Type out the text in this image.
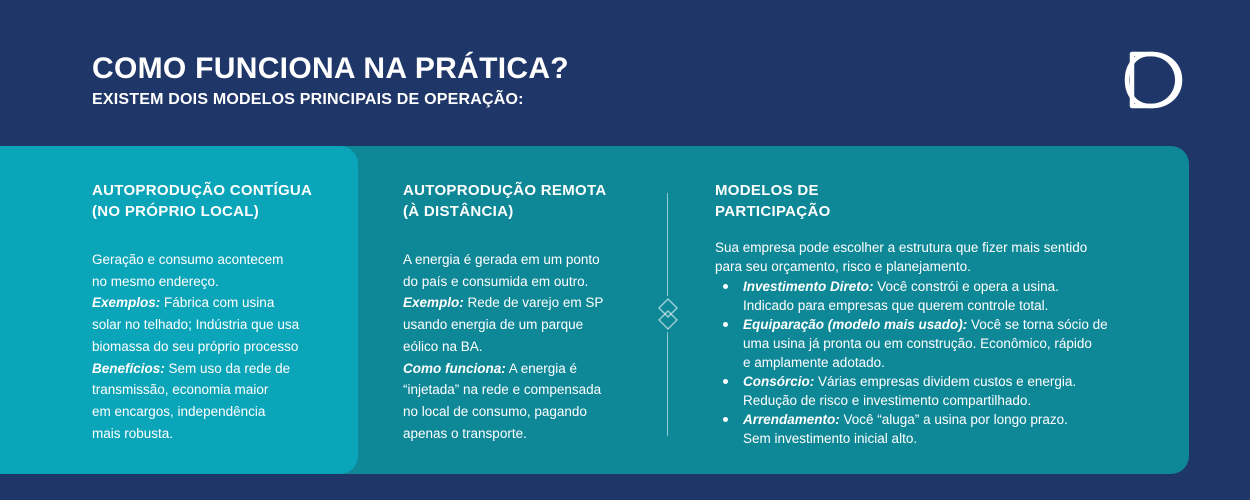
COMO FUNCIONA NA PRÁTICA?

EXISTEM DOIS MODELOS PRINCIPAIS DE OPERAÇÃO:

AUTOPRODUÇÃO CONTÍGUA
(NO PRÓPRIO LOCAL)
Geração e consumo acontecem
no mesmo endereço.
Exemplos: Fábrica com usina
solar no telhado; Indústria que usa
biomassa do seu próprio processo
Benefícios: Sem uso da rede de
transmissão, economia maior
em encargos, independência
mais robusta.
AUTOPRODUÇÃO REMOTA
(À DISTÂNCIA)
A energia é gerada em um ponto
do país e consumida em outro.
Exemplo: Rede de varejo em SP
usando energia de um parque
eólico na BA.
Como funciona: A energia é
“injetada” na rede e compensada
no local de consumo, pagando
apenas o transporte.
MODELOS DE
PARTICIPAÇÃO
Sua empresa pode escolher a estrutura que fizer mais sentido
para seu orçamento, risco e planejamento.
Investimento Direto: Você constrói e opera a usina.
Indicado para empresas que querem controle total.
Equiparação (modelo mais usado): Você se torna sócio de
uma usina já pronta ou em construção. Econômico, rápido
e amplamente adotado.
Consórcio: Várias empresas dividem custos e energia.
Redução de risco e investimento compartilhado.
Arrendamento: Você “aluga” a usina por longo prazo.
Sem investimento inicial alto.
